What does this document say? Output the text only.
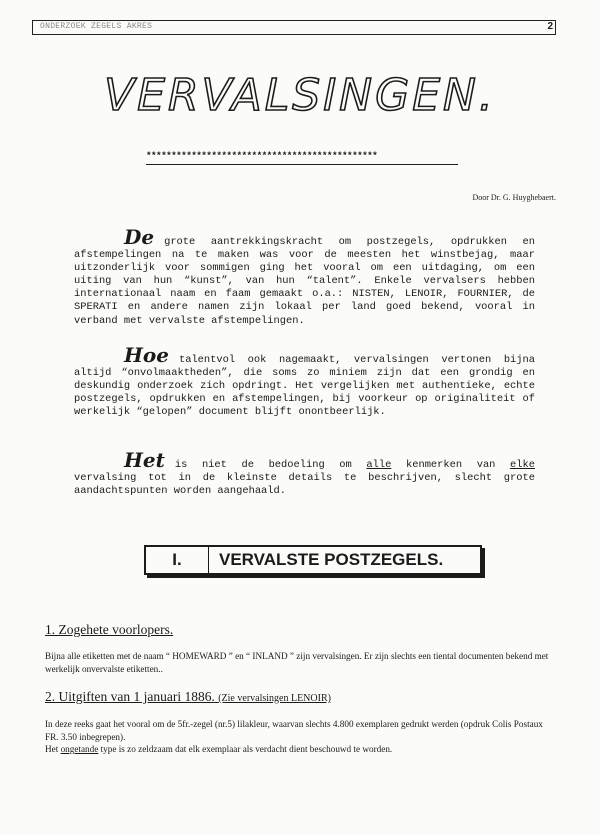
ONDERZOEK ZEGELS AKRES	2
VERVALSINGEN.
**********************************************
Door Dr. G. Huyghebaert.
De grote aantrekkingskracht om postzegels, opdrukken en afstempelingen na te maken was voor de meesten het winstbejag, maar uitzonderlijk voor sommigen ging het vooral om een uitdaging, om een uiting van hun “kunst”, van hun “talent”. Enkele vervalsers hebben internationaal naam en faam gemaakt o.a.: NISTEN, LENOIR, FOURNIER, de SPERATI en andere namen zijn lokaal per land goed bekend, vooral in verband met vervalste afstempelingen.
Hoe talentvol ook nagemaakt, vervalsingen vertonen bijna altijd “onvolmaaktheden”, die soms zo miniem zijn dat een grondig en deskundig onderzoek zich opdringt. Het vergelijken met authentieke, echte postzegels, opdrukken en afstempelingen, bij voorkeur op originaliteit of werkelijk “gelopen” document blijft onontbeerlijk.
Het is niet de bedoeling om alle kenmerken van elke vervalsing tot in de kleinste details te beschrijven, slecht grote aandachtspunten worden aangehaald.
I.	VERVALSTE POSTZEGELS.
1. Zogehete voorlopers.
Bijna alle etiketten met de naam “ HOMEWARD ” en “ INLAND ” zijn vervalsingen. Er zijn slechts een tiental documenten bekend met werkelijk onvervalste etiketten..
2. Uitgiften van 1 januari 1886. (Zie vervalsingen LENOIR)
In deze reeks gaat het vooral om de 5fr.-zegel (nr.5) lilakleur, waarvan slechts 4.800 exemplaren gedrukt werden (opdruk Colis Postaux FR. 3.50 inbegrepen).
Het ongetande type is zo zeldzaam dat elk exemplaar als verdacht dient beschouwd te worden.
